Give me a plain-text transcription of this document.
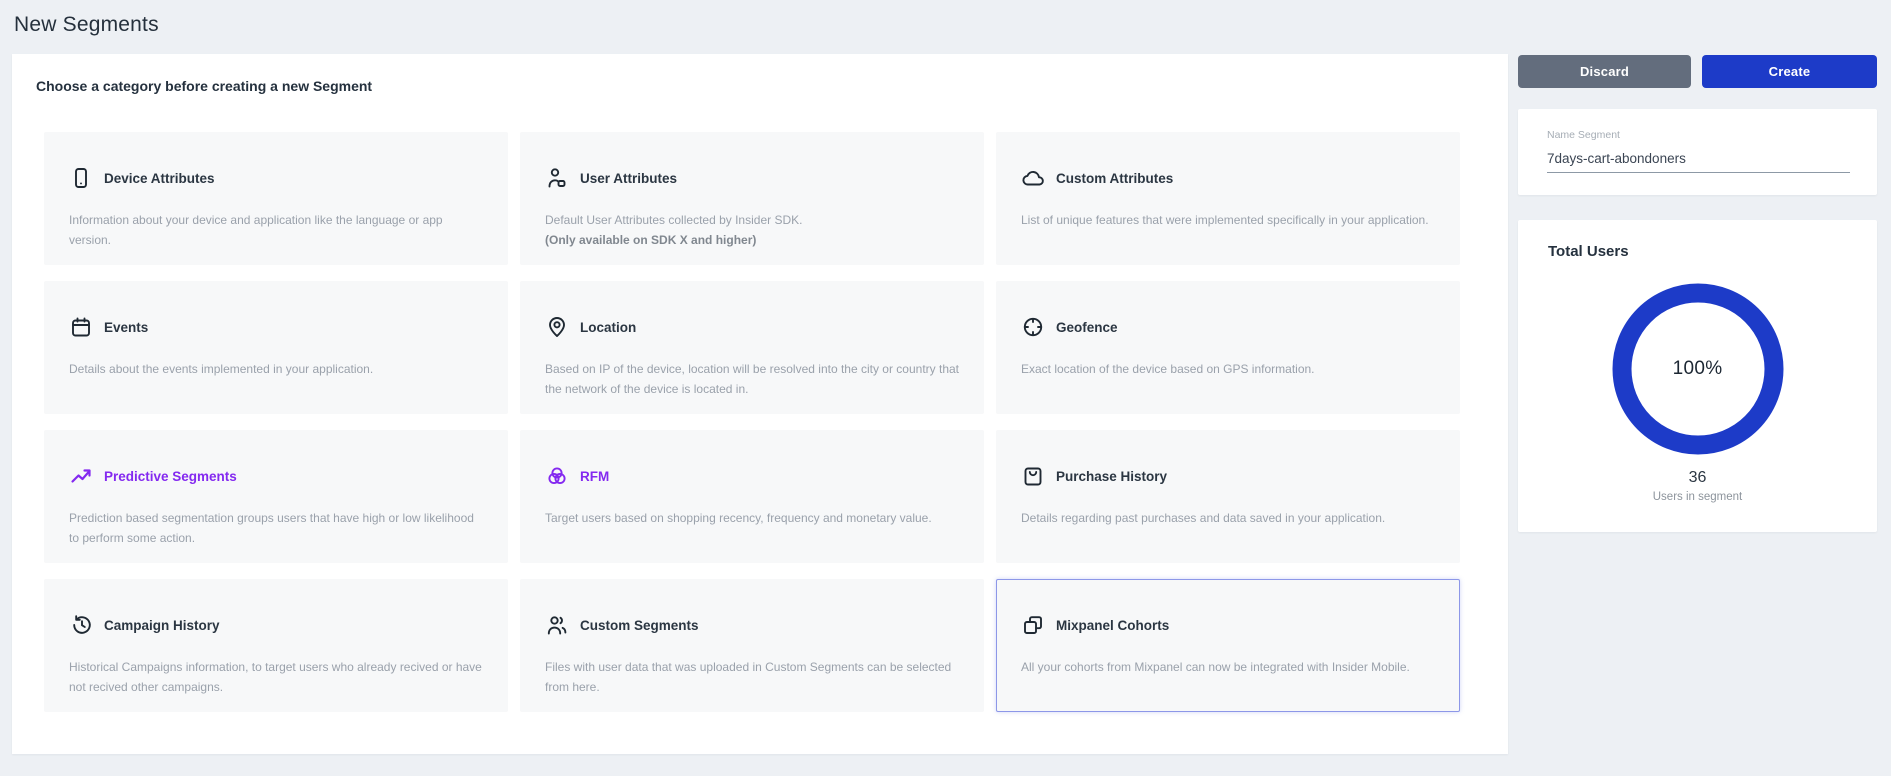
New Segments
Choose a category before creating a new Segment
Device Attributes

Information about your device and application like the language or app version.

User Attributes

Default User Attributes collected by Insider SDK.
(Only available on SDK X and higher)

Custom Attributes

List of unique features that were implemented specifically in your application.

Events

Details about the events implemented in your application.

Location

Based on IP of the device, location will be resolved into the city or country that the network of the device is located in.

Geofence

Exact location of the device based on GPS information.

Predictive Segments

Prediction based segmentation groups users that have high or low likelihood to perform some action.

RFM

Target users based on shopping recency, frequency and monetary value.

Purchase History

Details regarding past purchases and data saved in your application.

Campaign History

Historical Campaigns information, to target users who already recived or have not recived other campaigns.

Custom Segments

Files with user data that was uploaded in Custom Segments can be selected from here.

Mixpanel Cohorts

All your cohorts from Mixpanel can now be integrated with Insider Mobile.

Discard	Create
Name Segment
7days-cart-abondoners
Total Users
100%
36
Users in segment
